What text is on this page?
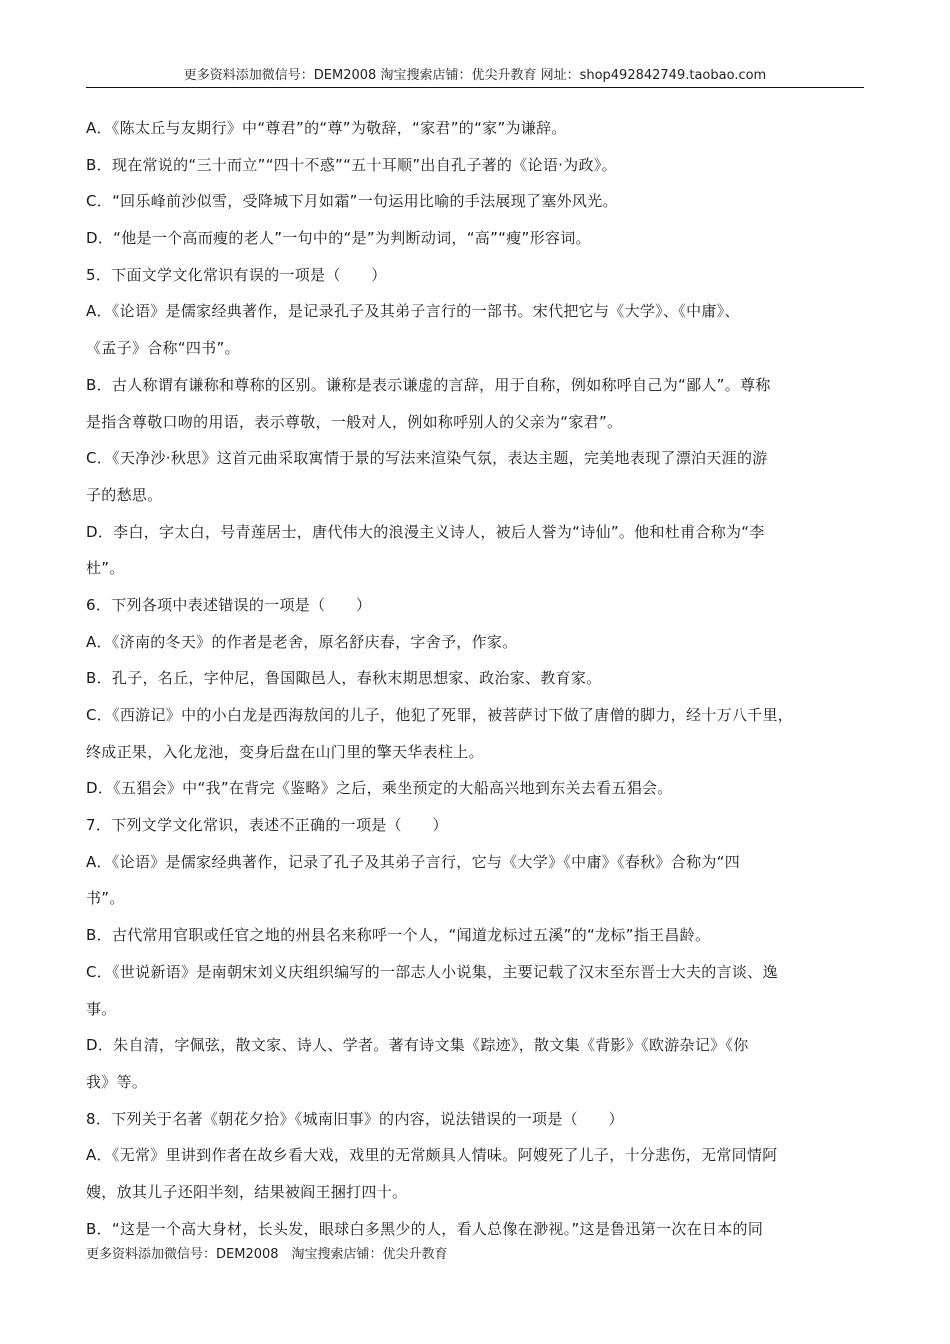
更多资料添加微信号：DEM2008 淘宝搜索店铺：优尖升教育 网址：shop492842749.taobao.com
A．《陈太丘与友期行》中“尊君”的“尊”为敬辞，“家君”的“家”为谦辞。
B．现在常说的“三十而立”“四十不惑”“五十耳顺”出自孔子著的《论语·为政》。
C．“回乐峰前沙似雪，受降城下月如霜”一句运用比喻的手法展现了塞外风光。
D．“他是一个高而瘦的老人”一句中的“是”为判断动词，“高”“瘦”形容词。
5．下面文学文化常识有误的一项是（　　）
A．《论语》是儒家经典著作，是记录孔子及其弟子言行的一部书。宋代把它与《大学》、《中庸》、
《孟子》合称“四书”。
B．古人称谓有谦称和尊称的区别。谦称是表示谦虚的言辞，用于自称，例如称呼自己为“鄙人”。尊称
是指含尊敬口吻的用语，表示尊敬，一般对人，例如称呼别人的父亲为“家君”。
C．《天净沙·秋思》这首元曲采取寓情于景的写法来渲染气氛，表达主题，完美地表现了漂泊天涯的游
子的愁思。
D．李白，字太白，号青莲居士，唐代伟大的浪漫主义诗人，被后人誉为“诗仙”。他和杜甫合称为“李
杜”。
6．下列各项中表述错误的一项是（　　）
A．《济南的冬天》的作者是老舍，原名舒庆春，字舍予，作家。
B．孔子，名丘，字仲尼，鲁国陬邑人，春秋末期思想家、政治家、教育家。
C．《西游记》中的小白龙是西海敖闰的儿子，他犯了死罪，被菩萨讨下做了唐僧的脚力，经十万八千里，
终成正果，入化龙池，变身后盘在山门里的擎天华表柱上。
D．《五猖会》中“我”在背完《鉴略》之后，乘坐预定的大船高兴地到东关去看五猖会。
7．下列文学文化常识，表述不正确的一项是（　　）
A．《论语》是儒家经典著作，记录了孔子及其弟子言行，它与《大学》《中庸》《春秋》合称为“四
书”。
B．古代常用官职或任官之地的州县名来称呼一个人，“闻道龙标过五溪”的“龙标”指王昌龄。
C．《世说新语》是南朝宋刘义庆组织编写的一部志人小说集，主要记载了汉末至东晋士大夫的言谈、逸
事。
D．朱自清，字佩弦，散文家、诗人、学者。著有诗文集《踪迹》，散文集《背影》《欧游杂记》《你
我》等。
8．下列关于名著《朝花夕拾》《城南旧事》的内容，说法错误的一项是（　　）
A．《无常》里讲到作者在故乡看大戏，戏里的无常颇具人情味。阿嫂死了儿子，十分悲伤，无常同情阿
嫂，放其儿子还阳半刻，结果被阎王捆打四十。
B．“这是一个高大身材，长头发，眼球白多黑少的人，看人总像在渺视。”这是鲁迅第一次在日本的同
更多资料添加微信号：DEM2008　淘宝搜索店铺：优尖升教育
